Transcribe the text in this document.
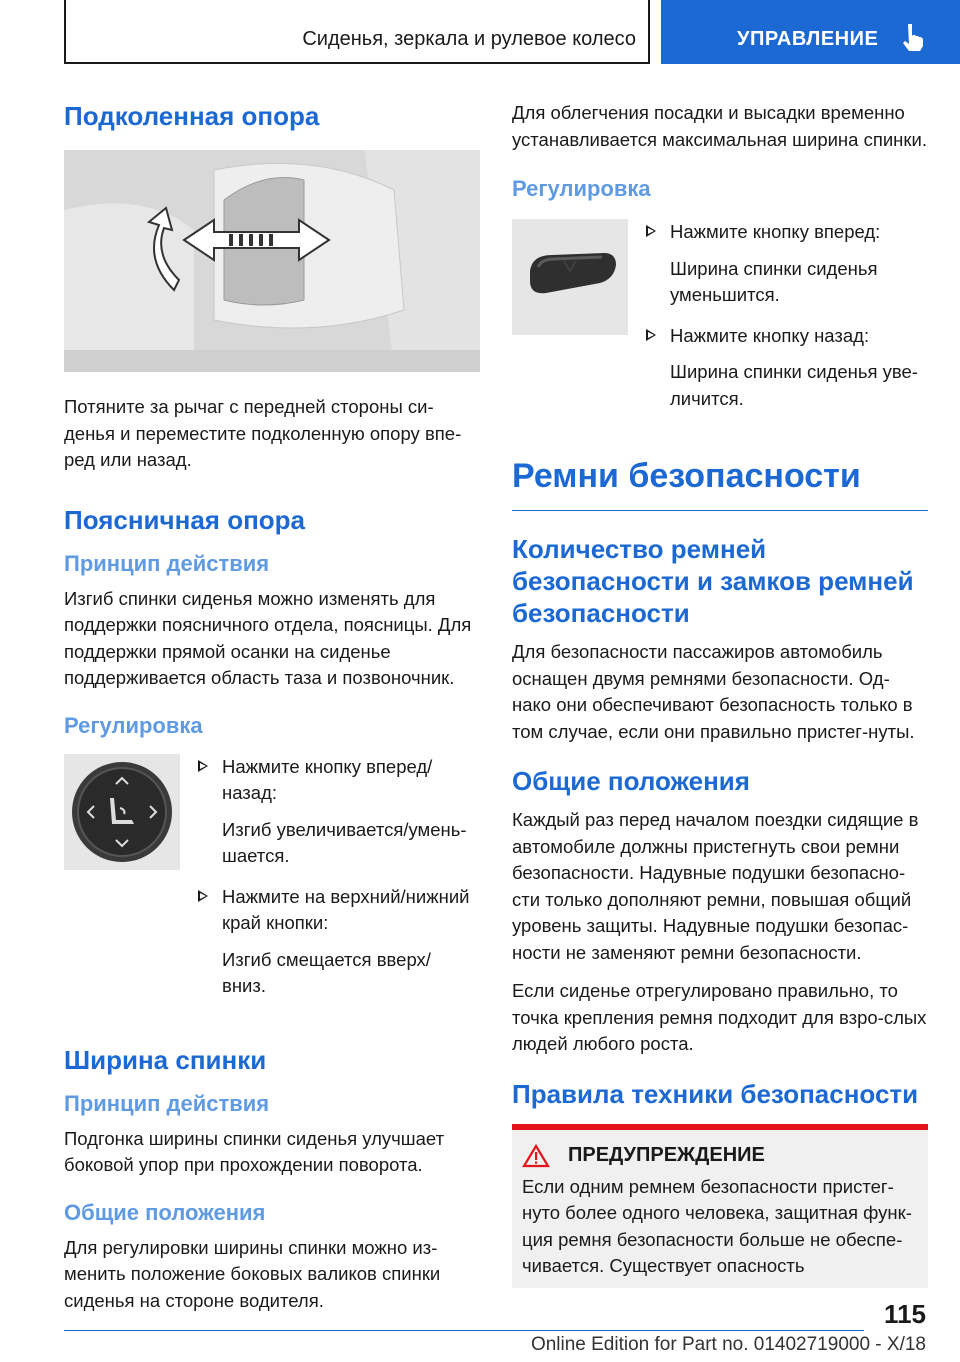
Сиденья, зеркала и рулевое колесо	УПРАВЛЕНИЕ
Подколенная опора

Потяните за рычаг с передней стороны си-денья и переместите подколенную опору впе-ред или назад.

Поясничная опора
Принцип действия

Изгиб спинки сиденья можно изменять для поддержки поясничного отдела, поясницы. Для поддержки прямой осанки на сиденье поддерживается область таза и позвоночник.

Регулировка
Нажмите кнопку вперед/ назад:
Изгиб увеличивается/умень-шается.
Нажмите на верхний/нижний край кнопки:
Изгиб смещается вверх/ вниз.
Ширина спинки
Принцип действия

Подгонка ширины спинки сиденья улучшает боковой упор при прохождении поворота.

Общие положения

Для регулировки ширины спинки можно из-менить положение боковых валиков спинки сиденья на стороне водителя.

Для облегчения посадки и высадки временно устанавливается максимальная ширина спинки.

Регулировка
Нажмите кнопку вперед:
Ширина спинки сиденья уменьшится.
Нажмите кнопку назад:
Ширина спинки сиденья уве-личится.
Ремни безопасности
Количество ремней безопасности и замков ремней безопасности

Для безопасности пассажиров автомобиль оснащен двумя ремнями безопасности. Од-нако они обеспечивают безопасность только в том случае, если они правильно пристег-нуты.

Общие положения

Каждый раз перед началом поездки сидящие в автомобиле должны пристегнуть свои ремни безопасности. Надувные подушки безопасно-сти только дополняют ремни, повышая общий уровень защиты. Надувные подушки безопас-ности не заменяют ремни безопасности.

Если сиденье отрегулировано правильно, то точка крепления ремня подходит для взро-слых людей любого роста.

Правила техники безопасности
ПРЕДУПРЕЖДЕНИЕ

Если одним ремнем безопасности пристег-нуто более одного человека, защитная функ-ция ремня безопасности больше не обеспе-чивается. Существует опасность

115
Online Edition for Part no. 01402719000 - X/18
